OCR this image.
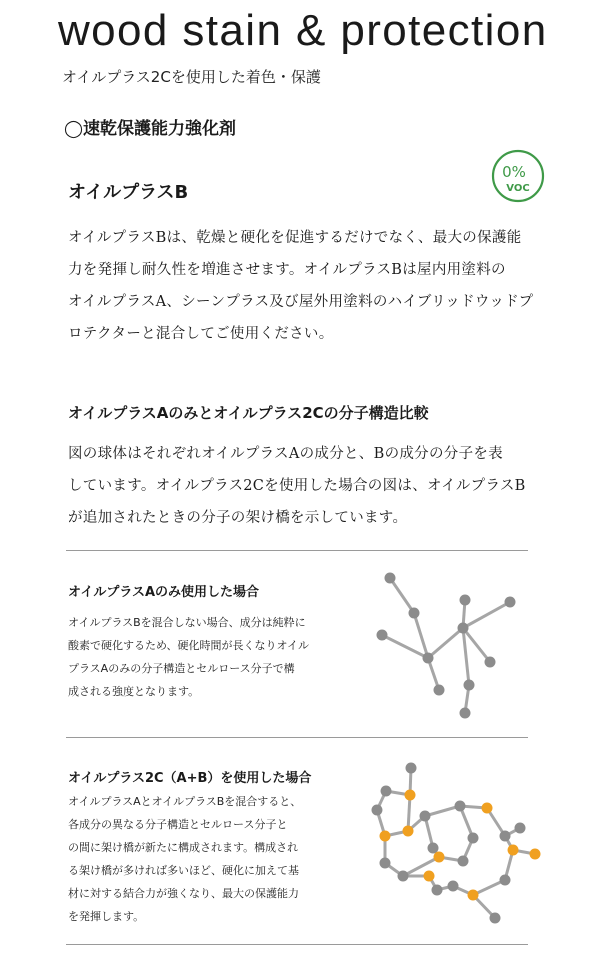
wood stain & protection
オイルプラス2Cを使用した着色・保護
◯速乾保護能力強化剤
0%
VOC
オイルプラスB

オイルプラスBは、乾燥と硬化を促進するだけでなく、最大の保護能

力を発揮し耐久性を増進させます。オイルプラスBは屋内用塗料の

オイルプラスA、シーンプラス及び屋外用塗料のハイブリッドウッドプ

ロテクターと混合してご使用ください。

オイルプラスAのみとオイルプラス2Cの分子構造比較

図の球体はそれぞれオイルプラスAの成分と、Bの成分の分子を表

しています。オイルプラス2Cを使用した場合の図は、オイルプラスB

が追加されたときの分子の架け橋を示しています。

オイルプラスAのみ使用した場合

オイルプラスBを混合しない場合、成分は純粋に

酸素で硬化するため、硬化時間が長くなりオイル

プラスAのみの分子構造とセルロース分子で構

成される強度となります。

オイルプラス2C（A+B）を使用した場合

オイルプラスAとオイルプラスBを混合すると、

各成分の異なる分子構造とセルロース分子と

の間に架け橋が新たに構成されます。構成され

る架け橋が多ければ多いほど、硬化に加えて基

材に対する結合力が強くなり、最大の保護能力

を発揮します。
